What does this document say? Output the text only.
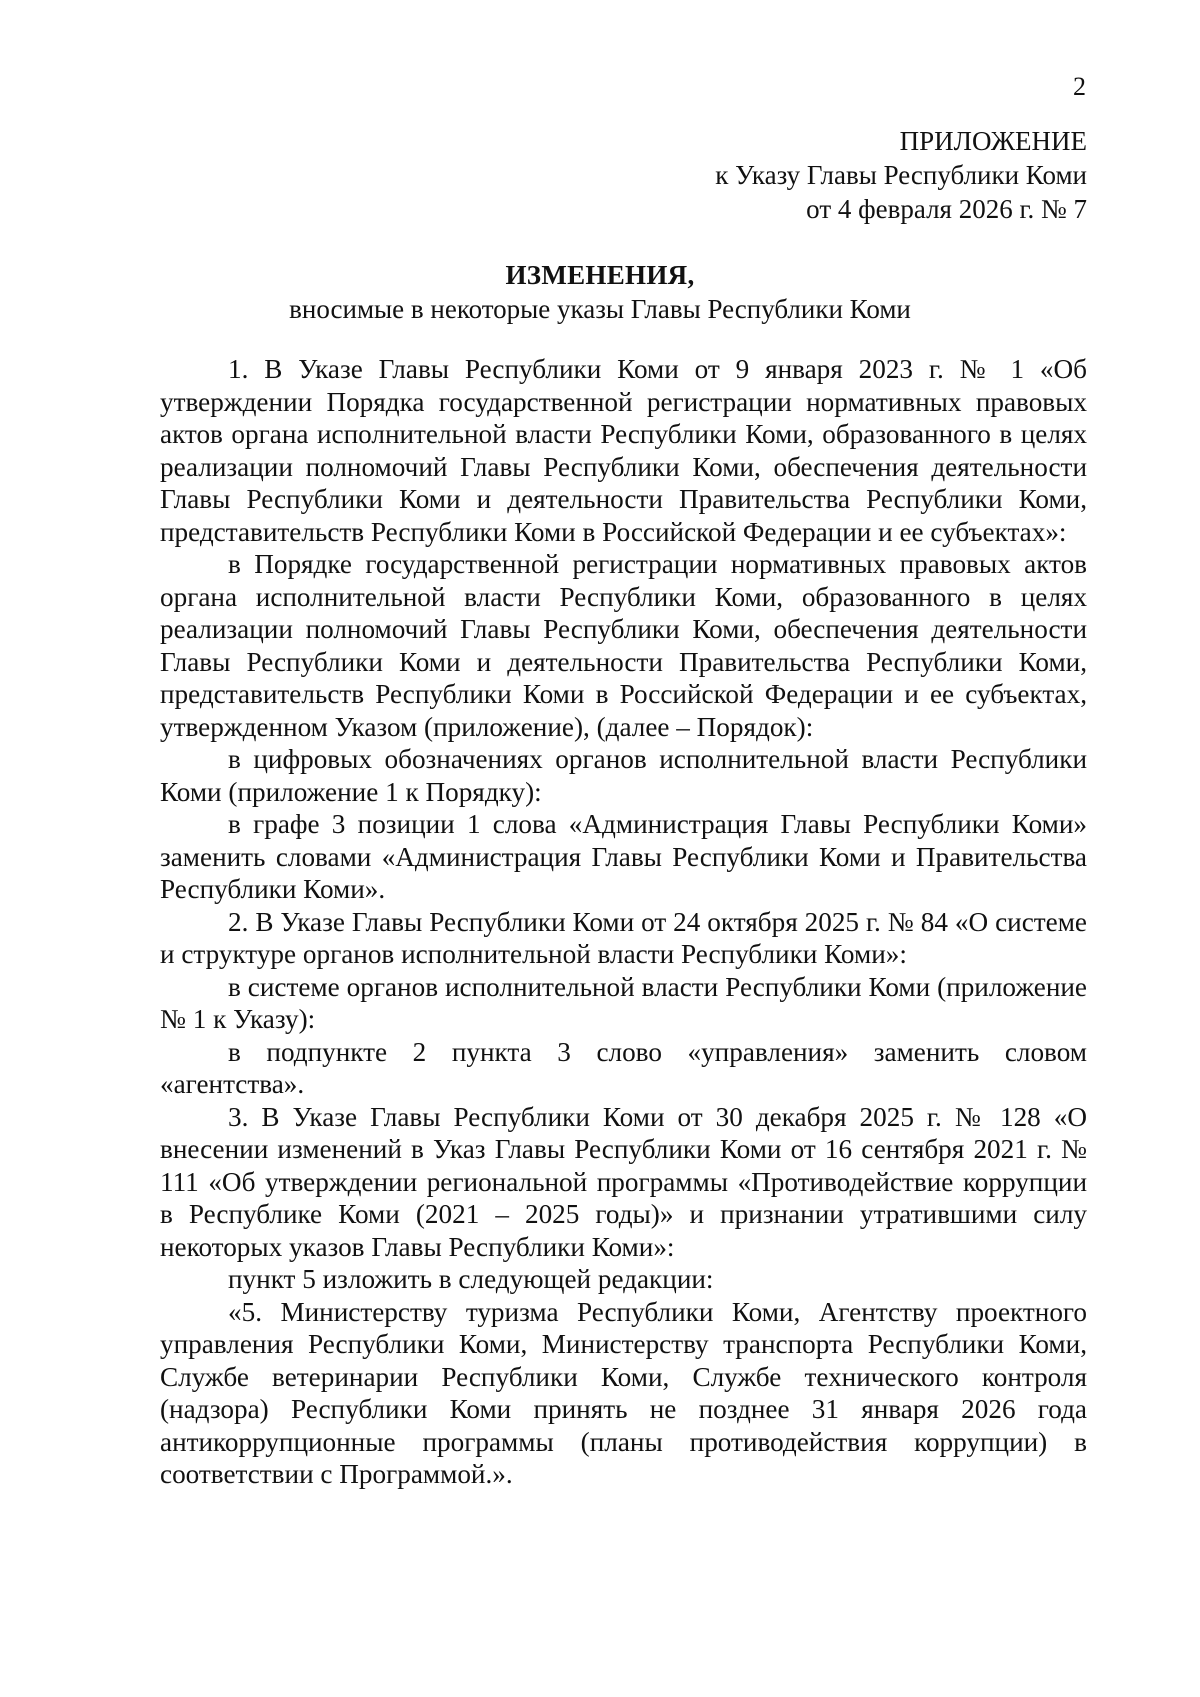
2
ПРИЛОЖЕНИЕ
к Указу Главы Республики Коми
от 4 февраля 2026 г. № 7
ИЗМЕНЕНИЯ,
вносимые в некоторые указы Главы Республики Коми

1. В Указе Главы Республики Коми от 9 января 2023 г. № 1 «Об утверждении Порядка государственной регистрации нормативных правовых актов органа исполнительной власти Республики Коми, образованного в целях реализации полномочий Главы Республики Коми, обеспечения деятельности Главы Республики Коми и деятельности Правительства Республики Коми, представительств Республики Коми в Российской Федерации и ее субъектах»:

в Порядке государственной регистрации нормативных правовых актов органа исполнительной власти Республики Коми, образованного в целях реализации полномочий Главы Республики Коми, обеспечения деятельности Главы Республики Коми и деятельности Правительства Республики Коми, представительств Республики Коми в Российской Федерации и ее субъектах, утвержденном Указом (приложение), (далее – Порядок):

в цифровых обозначениях органов исполнительной власти Республики Коми (приложение 1 к Порядку):

в графе 3 позиции 1 слова «Администрация Главы Республики Коми» заменить словами «Администрация Главы Республики Коми и Правительства Республики Коми».

2. В Указе Главы Республики Коми от 24 октября 2025 г. № 84 «О системе и структуре органов исполнительной власти Республики Коми»:

в системе органов исполнительной власти Республики Коми (приложение № 1 к Указу):

в подпункте 2 пункта 3 слово «управления» заменить словом «агентства».

3. В Указе Главы Республики Коми от 30 декабря 2025 г. № 128 «О внесении изменений в Указ Главы Республики Коми от 16 сентября 2021 г. № 111 «Об утверждении региональной программы «Противодействие коррупции в Республике Коми (2021 – 2025 годы)» и признании утратившими силу некоторых указов Главы Республики Коми»:

пункт 5 изложить в следующей редакции:

«5. Министерству туризма Республики Коми, Агентству проектного управления Республики Коми, Министерству транспорта Республики Коми, Службе ветеринарии Республики Коми, Службе технического контроля (надзора) Республики Коми принять не позднее 31 января 2026 года антикоррупционные программы (планы противодействия коррупции) в соответствии с Программой.».
